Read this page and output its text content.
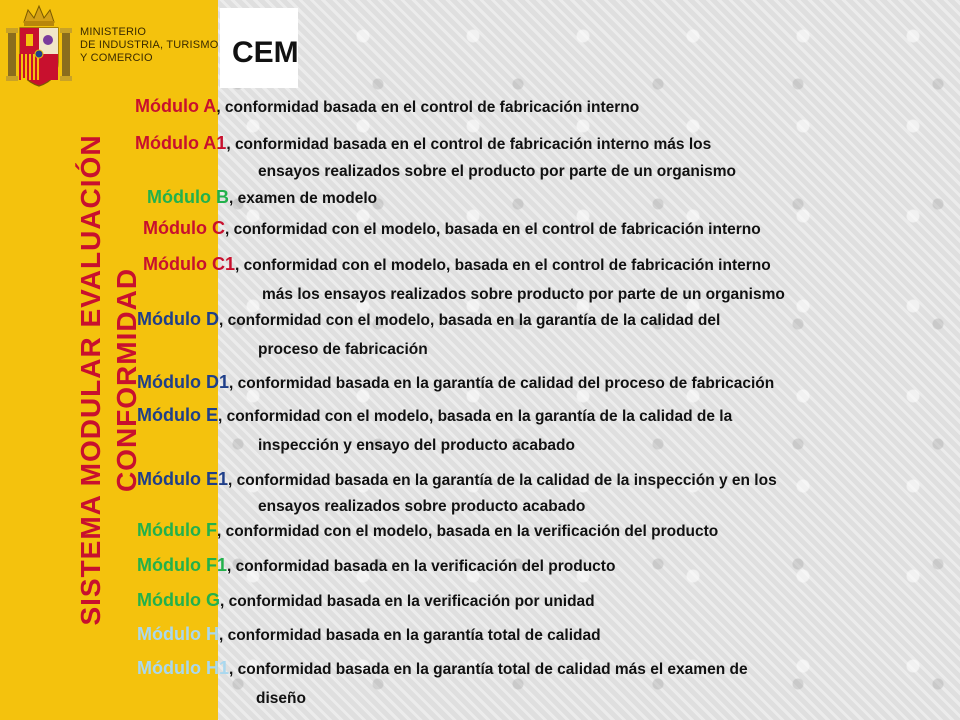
MINISTERIO
DE INDUSTRIA, TURISMO
Y COMERCIO
SISTEMA MODULAR EVALUACIÓN CONFORMIDAD
CEM
Módulo A, conformidad basada en el control de fabricación interno
Módulo A1, conformidad basada en el control de fabricación interno más los
ensayos realizados sobre el producto por parte de un organismo
Módulo B, examen de modelo
Módulo C, conformidad con el modelo, basada en el control de fabricación interno
Módulo C1, conformidad con el modelo, basada en el control de fabricación interno
más los ensayos realizados sobre producto por parte de un organismo
Módulo D, conformidad con el modelo, basada en la garantía de la calidad del
proceso de fabricación
Módulo D1, conformidad basada en la garantía de calidad del proceso de fabricación
Módulo E, conformidad con el modelo, basada en la garantía de la calidad de la
inspección y ensayo del producto acabado
Módulo E1, conformidad basada en la garantía de la calidad de la inspección y en los
ensayos realizados sobre producto acabado
Módulo F, conformidad con el modelo, basada en la verificación del producto
Módulo F1, conformidad basada en la verificación del producto
Módulo G, conformidad basada en la verificación por unidad
Módulo H, conformidad basada en la garantía total de calidad
Módulo H1, conformidad basada en la garantía total de calidad más el examen de
diseño
